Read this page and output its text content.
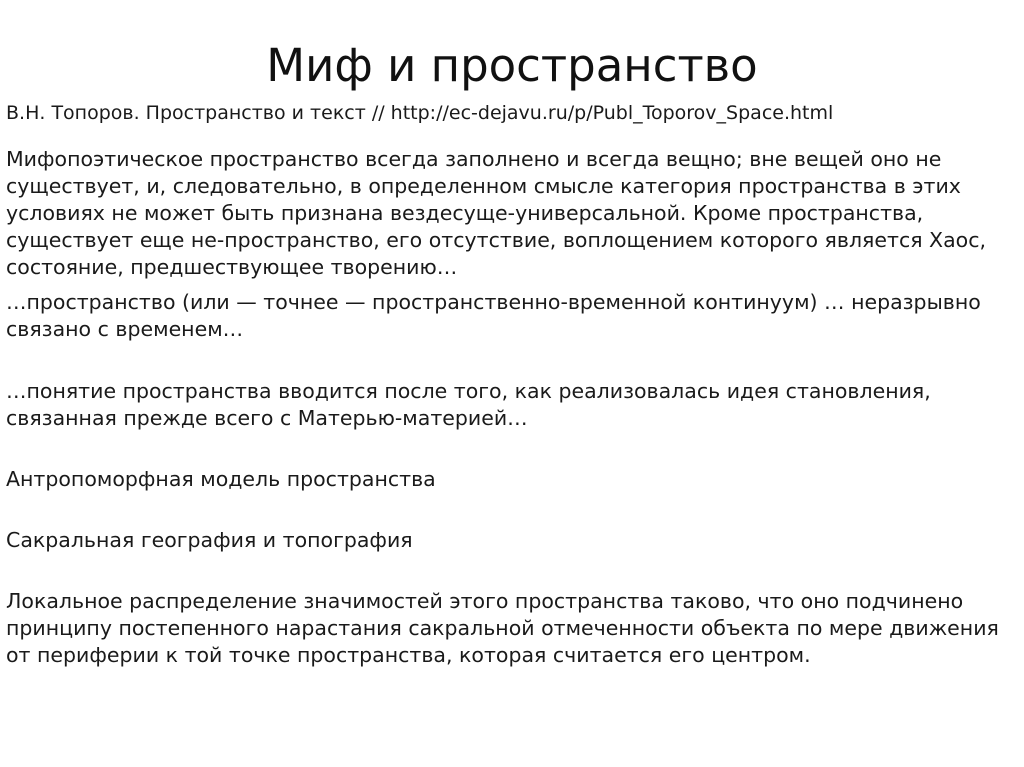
Миф и пространство

В.Н. Топоров. Пространство и текст // http://ec-dejavu.ru/p/Publ_Toporov_Space.html

Мифопоэтическое пространство всегда заполнено и всегда вещно; вне вещей оно не существует, и, следовательно, в определенном смысле категория пространства в этих условиях не может быть признана вездесуще-универсальной. Кроме пространства, существует еще не-пространство, его отсутствие, воплощением которого является Хаос, состояние, предшествующее творению…

…пространство (или — точнее — пространственно-временной континуум) … неразрывно связано с временем…

…понятие пространства вводится после того, как реализовалась идея становления, связанная прежде всего с Матерью-материей…

Антропоморфная модель пространства

Сакральная география и топография

Локальное распределение значимостей этого пространства таково, что оно подчинено принципу постепенного нарастания сакральной отмеченности объекта по мере движения от периферии к той точке пространства, которая считается его центром.
